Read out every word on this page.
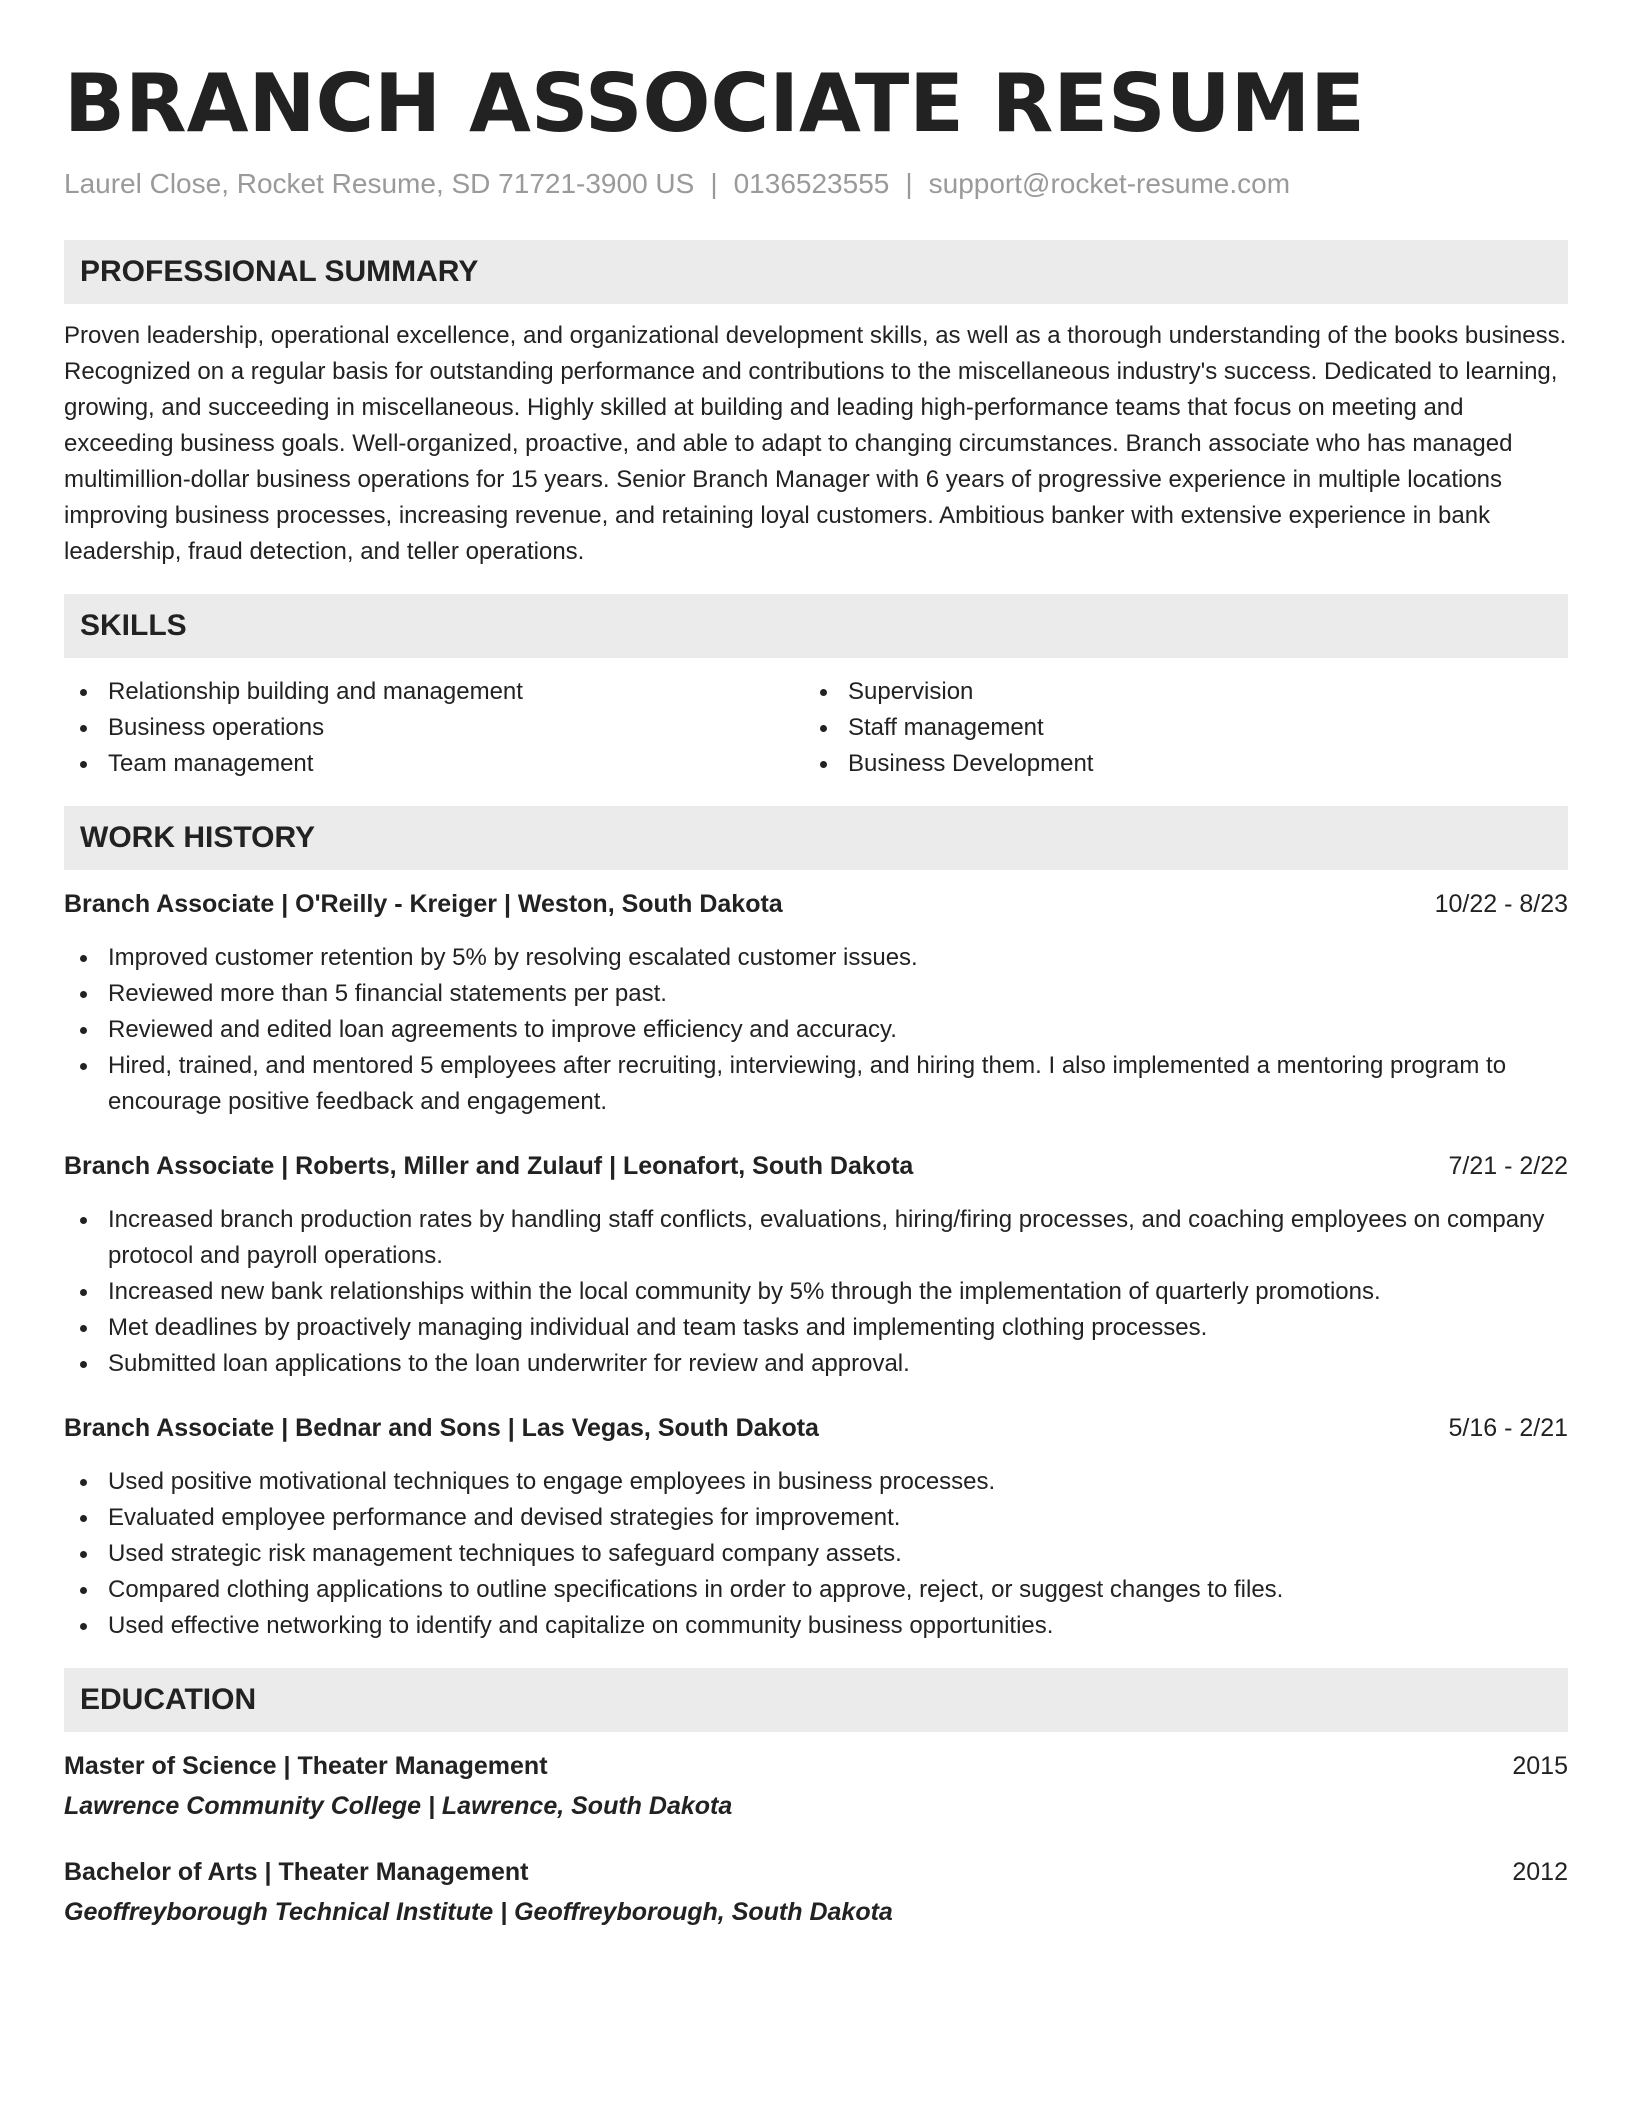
BRANCH ASSOCIATE RESUME
Laurel Close, Rocket Resume, SD 71721-3900 US | 0136523555 | support@rocket-resume.com
PROFESSIONAL SUMMARY

Proven leadership, operational excellence, and organizational development skills, as well as a thorough understanding of the books business. Recognized on a regular basis for outstanding performance and contributions to the miscellaneous industry's success. Dedicated to learning, growing, and succeeding in miscellaneous. Highly skilled at building and leading high-performance teams that focus on meeting and exceeding business goals. Well-organized, proactive, and able to adapt to changing circumstances. Branch associate who has managed multimillion-dollar business operations for 15 years. Senior Branch Manager with 6 years of progressive experience in multiple locations improving business processes, increasing revenue, and retaining loyal customers. Ambitious banker with extensive experience in bank leadership, fraud detection, and teller operations.

SKILLS
Relationship building and management
Business operations
Team management
Supervision
Staff management
Business Development
WORK HISTORY
Branch Associate | O'Reilly - Kreiger | Weston, South Dakota	10/22 - 8/23
Improved customer retention by 5% by resolving escalated customer issues.
Reviewed more than 5 financial statements per past.
Reviewed and edited loan agreements to improve efficiency and accuracy.
Hired, trained, and mentored 5 employees after recruiting, interviewing, and hiring them. I also implemented a mentoring program to encourage positive feedback and engagement.
Branch Associate | Roberts, Miller and Zulauf | Leonafort, South Dakota	7/21 - 2/22
Increased branch production rates by handling staff conflicts, evaluations, hiring/firing processes, and coaching employees on company protocol and payroll operations.
Increased new bank relationships within the local community by 5% through the implementation of quarterly promotions.
Met deadlines by proactively managing individual and team tasks and implementing clothing processes.
Submitted loan applications to the loan underwriter for review and approval.
Branch Associate | Bednar and Sons | Las Vegas, South Dakota	5/16 - 2/21
Used positive motivational techniques to engage employees in business processes.
Evaluated employee performance and devised strategies for improvement.
Used strategic risk management techniques to safeguard company assets.
Compared clothing applications to outline specifications in order to approve, reject, or suggest changes to files.
Used effective networking to identify and capitalize on community business opportunities.
EDUCATION
Master of Science | Theater Management	2015
Lawrence Community College | Lawrence, South Dakota
Bachelor of Arts | Theater Management	2012
Geoffreyborough Technical Institute | Geoffreyborough, South Dakota
